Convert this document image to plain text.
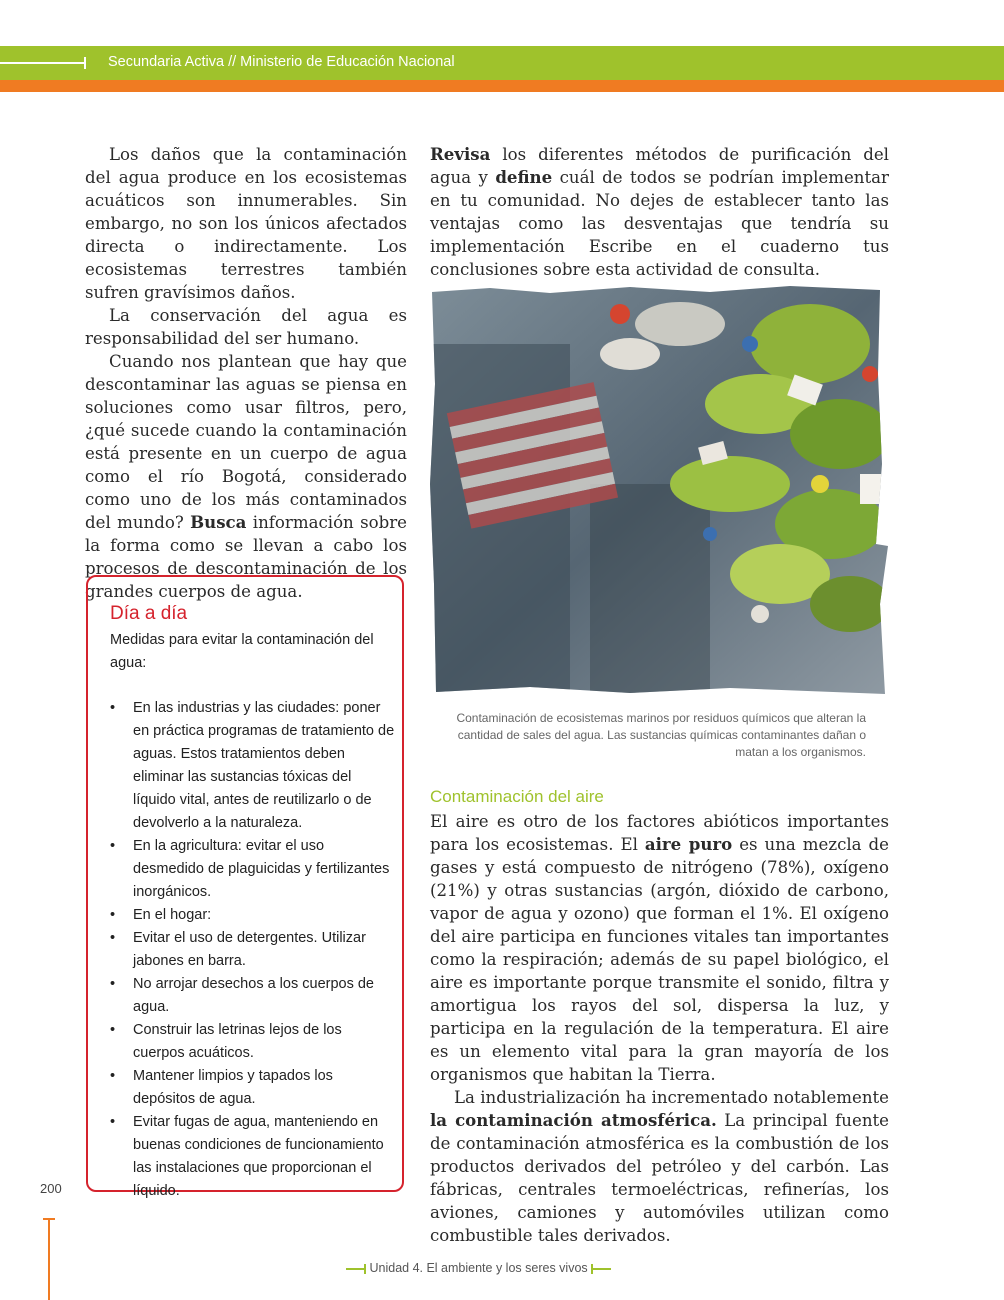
Secundaria Activa // Ministerio de Educación Nacional

Los daños que la contaminación del agua produce en los ecosistemas acuáticos son innumerables. Sin embargo, no son los únicos afectados directa o indirectamente. Los ecosistemas terrestres también sufren gravísimos daños.

La conservación del agua es responsabilidad del ser humano.

Cuando nos plantean que hay que descontaminar las aguas se piensa en soluciones como usar filtros, pero, ¿qué sucede cuando la contaminación está presente en un cuerpo de agua como el río Bogotá, considerado como uno de los más contaminados del mundo? Busca información sobre la forma como se llevan a cabo los procesos de descontaminación de los grandes cuerpos de agua.

Día a día
Medidas para evitar la contaminación del agua:
• En las industrias y las ciudades: poner en práctica programas de tratamiento de aguas. Estos tratamientos deben eliminar las sustancias tóxicas del líquido vital, antes de reutilizarlo o de devolverlo a la naturaleza.
• En la agricultura: evitar el uso desmedido de plaguicidas y fertilizantes inorgánicos.
• En el hogar:
• Evitar el uso de detergentes. Utilizar jabones en barra.
• No arrojar desechos a los cuerpos de agua.
• Construir las letrinas lejos de los cuerpos acuáticos.
• Mantener limpios y tapados los depósitos de agua.
• Evitar fugas de agua, manteniendo en buenas condiciones de funcionamiento las instalaciones que proporcionan el líquido.

Revisa los diferentes métodos de purificación del agua y define cuál de todos se podrían implementar en tu comunidad. No dejes de establecer tanto las ventajas como las desventajas que tendría su implementación Escribe en el cuaderno tus conclusiones sobre esta actividad de consulta.

Contaminación de ecosistemas marinos por residuos químicos que alteran la cantidad de sales del agua. Las sustancias químicas contaminantes dañan o matan a los organismos.
Contaminación del aire

El aire es otro de los factores abióticos importantes para los ecosistemas. El aire puro es una mezcla de gases y está compuesto de nitrógeno (78%), oxígeno (21%) y otras sustancias (argón, dióxido de carbono, vapor de agua y ozono) que forman el 1%. El oxígeno del aire participa en funciones vitales tan importantes como la respiración; además de su papel biológico, el aire es importante porque transmite el sonido, filtra y amortigua los rayos del sol, dispersa la luz, y participa en la regulación de la temperatura. El aire es un elemento vital para la gran mayoría de los organismos que habitan la Tierra.

La industrialización ha incrementado notablemente la contaminación atmosférica. La principal fuente de contaminación atmosférica es la combustión de los productos derivados del petróleo y del carbón. Las fábricas, centrales termoeléctricas, refinerías, los aviones, camiones y automóviles utilizan como combustible tales derivados.

200
Unidad 4. El ambiente y los seres vivos
